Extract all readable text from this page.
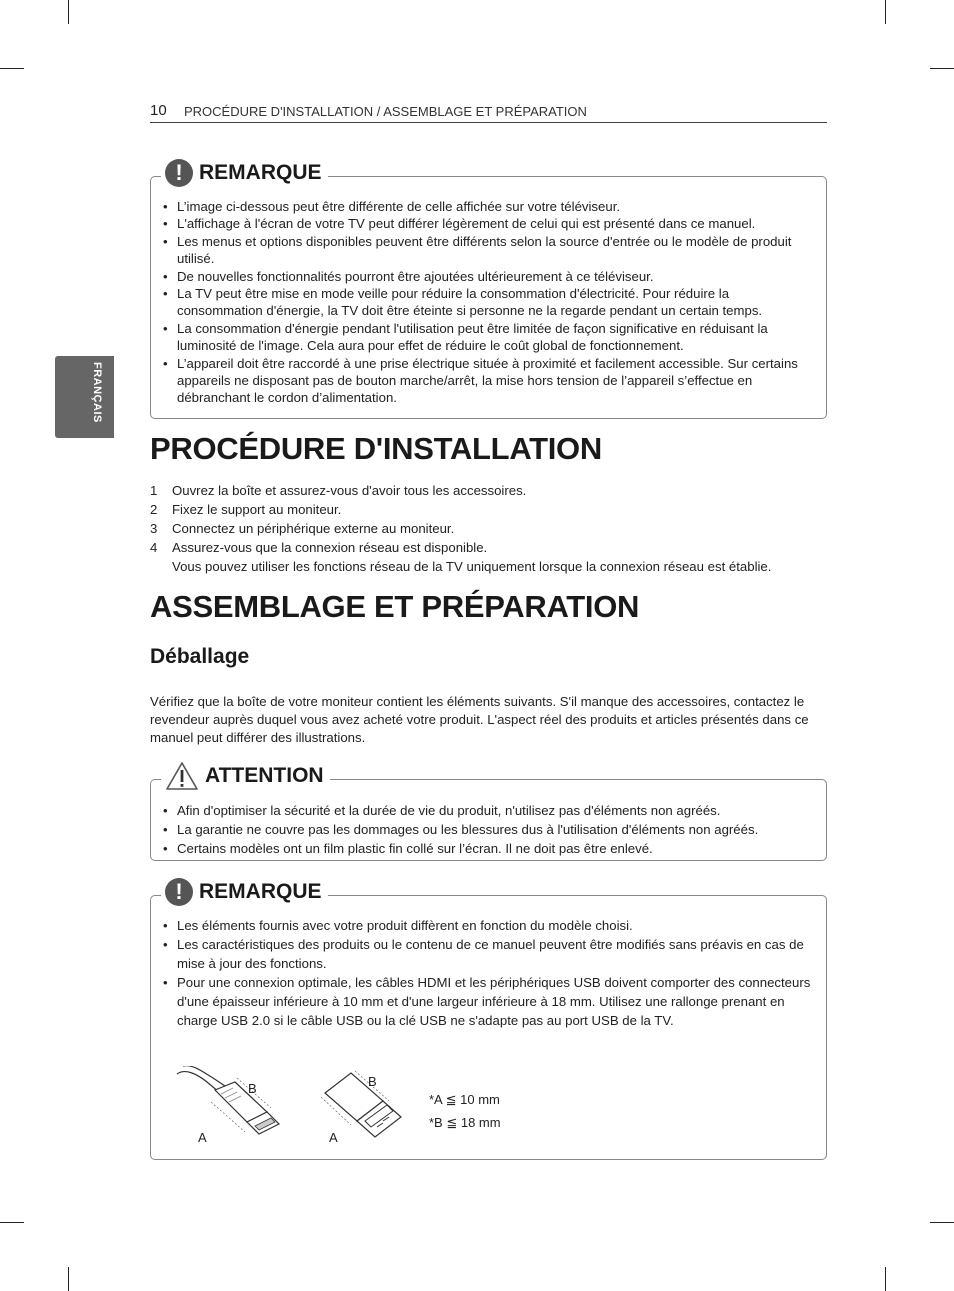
10 PROCÉDURE D'INSTALLATION / ASSEMBLAGE ET PRÉPARATION
FRANÇAIS
! REMARQUE
• L’image ci-dessous peut être différente de celle affichée sur votre téléviseur.
• L'affichage à l'écran de votre TV peut différer légèrement de celui qui est présenté dans ce manuel.
• Les menus et options disponibles peuvent être différents selon la source d'entrée ou le modèle de produit utilisé.
• De nouvelles fonctionnalités pourront être ajoutées ultérieurement à ce téléviseur.
• La TV peut être mise en mode veille pour réduire la consommation d'électricité. Pour réduire la consommation d'énergie, la TV doit être éteinte si personne ne la regarde pendant un certain temps.
• La consommation d'énergie pendant l'utilisation peut être limitée de façon significative en réduisant la luminosité de l'image. Cela aura pour effet de réduire le coût global de fonctionnement.
• L’appareil doit être raccordé à une prise électrique située à proximité et facilement accessible. Sur certains appareils ne disposant pas de bouton marche/arrêt, la mise hors tension de l’appareil s’effectue en débranchant le cordon d’alimentation.
PROCÉDURE D'INSTALLATION
1 Ouvrez la boîte et assurez-vous d'avoir tous les accessoires.
2 Fixez le support au moniteur.
3 Connectez un périphérique externe au moniteur.
4 Assurez-vous que la connexion réseau est disponible.
Vous pouvez utiliser les fonctions réseau de la TV uniquement lorsque la connexion réseau est établie.
ASSEMBLAGE ET PRÉPARATION
Déballage

Vérifiez que la boîte de votre moniteur contient les éléments suivants. S'il manque des accessoires, contactez le revendeur auprès duquel vous avez acheté votre produit. L'aspect réel des produits et articles présentés dans ce manuel peut différer des illustrations.

ATTENTION
• Afin d'optimiser la sécurité et la durée de vie du produit, n'utilisez pas d'éléments non agréés.
• La garantie ne couvre pas les dommages ou les blessures dus à l'utilisation d'éléments non agréés.
• Certains modèles ont un film plastic fin collé sur l’écran. Il ne doit pas être enlevé.
! REMARQUE
• Les éléments fournis avec votre produit diffèrent en fonction du modèle choisi.
• Les caractéristiques des produits ou le contenu de ce manuel peuvent être modifiés sans préavis en cas de mise à jour des fonctions.
• Pour une connexion optimale, les câbles HDMI et les périphériques USB doivent comporter des connecteurs d'une épaisseur inférieure à 10 mm et d'une largeur inférieure à 18 mm. Utilisez une rallonge prenant en charge USB 2.0 si le câble USB ou la clé USB ne s'adapte pas au port USB de la TV.
B
A
B
A
*A ≦ 10 mm
*B ≦ 18 mm
